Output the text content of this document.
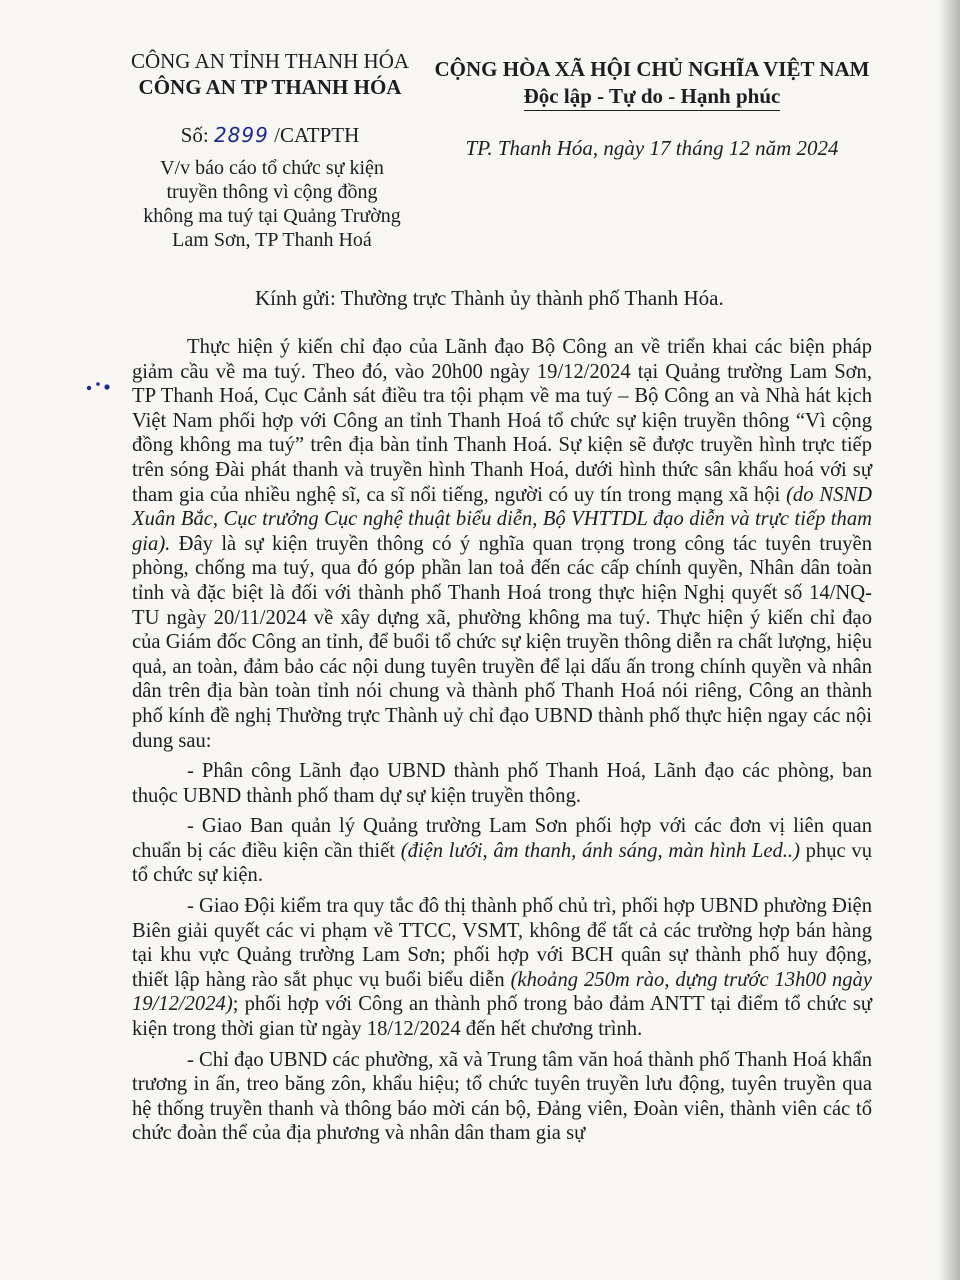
CÔNG AN TỈNH THANH HÓA
CÔNG AN TP THANH HÓA
Số: 2899 /CATPTH
V/v báo cáo tổ chức sự kiện truyền thông vì cộng đồng không ma tuý tại Quảng Trường Lam Sơn, TP Thanh Hoá
CỘNG HÒA XÃ HỘI CHỦ NGHĨA VIỆT NAM
Độc lập - Tự do - Hạnh phúc
TP. Thanh Hóa, ngày 17 tháng 12 năm 2024
Kính gửi: Thường trực Thành ủy thành phố Thanh Hóa.

Thực hiện ý kiến chỉ đạo của Lãnh đạo Bộ Công an về triển khai các biện pháp giảm cầu về ma tuý. Theo đó, vào 20h00 ngày 19/12/2024 tại Quảng trường Lam Sơn, TP Thanh Hoá, Cục Cảnh sát điều tra tội phạm về ma tuý – Bộ Công an và Nhà hát kịch Việt Nam phối hợp với Công an tỉnh Thanh Hoá tổ chức sự kiện truyền thông “Vì cộng đồng không ma tuý” trên địa bàn tỉnh Thanh Hoá. Sự kiện sẽ được truyền hình trực tiếp trên sóng Đài phát thanh và truyền hình Thanh Hoá, dưới hình thức sân khấu hoá với sự tham gia của nhiều nghệ sĩ, ca sĩ nổi tiếng, người có uy tín trong mạng xã hội (do NSND Xuân Bắc, Cục trưởng Cục nghệ thuật biểu diễn, Bộ VHTTDL đạo diễn và trực tiếp tham gia). Đây là sự kiện truyền thông có ý nghĩa quan trọng trong công tác tuyên truyền phòng, chống ma tuý, qua đó góp phần lan toả đến các cấp chính quyền, Nhân dân toàn tỉnh và đặc biệt là đối với thành phố Thanh Hoá trong thực hiện Nghị quyết số 14/NQ-TU ngày 20/11/2024 về xây dựng xã, phường không ma tuý. Thực hiện ý kiến chỉ đạo của Giám đốc Công an tỉnh, để buổi tổ chức sự kiện truyền thông diễn ra chất lượng, hiệu quả, an toàn, đảm bảo các nội dung tuyên truyền để lại dấu ấn trong chính quyền và nhân dân trên địa bàn toàn tỉnh nói chung và thành phố Thanh Hoá nói riêng, Công an thành phố kính đề nghị Thường trực Thành uỷ chỉ đạo UBND thành phố thực hiện ngay các nội dung sau:

- Phân công Lãnh đạo UBND thành phố Thanh Hoá, Lãnh đạo các phòng, ban thuộc UBND thành phố tham dự sự kiện truyền thông.

- Giao Ban quản lý Quảng trường Lam Sơn phối hợp với các đơn vị liên quan chuẩn bị các điều kiện cần thiết (điện lưới, âm thanh, ánh sáng, màn hình Led..) phục vụ tổ chức sự kiện.

- Giao Đội kiểm tra quy tắc đô thị thành phố chủ trì, phối hợp UBND phường Điện Biên giải quyết các vi phạm về TTCC, VSMT, không để tất cả các trường hợp bán hàng tại khu vực Quảng trường Lam Sơn; phối hợp với BCH quân sự thành phố huy động, thiết lập hàng rào sắt phục vụ buổi biểu diễn (khoảng 250m rào, dựng trước 13h00 ngày 19/12/2024); phối hợp với Công an thành phố trong bảo đảm ANTT tại điểm tổ chức sự kiện trong thời gian từ ngày 18/12/2024 đến hết chương trình.

- Chỉ đạo UBND các phường, xã và Trung tâm văn hoá thành phố Thanh Hoá khẩn trương in ấn, treo băng zôn, khẩu hiệu; tổ chức tuyên truyền lưu động, tuyên truyền qua hệ thống truyền thanh và thông báo mời cán bộ, Đảng viên, Đoàn viên, thành viên các tổ chức đoàn thể của địa phương và nhân dân tham gia sự
